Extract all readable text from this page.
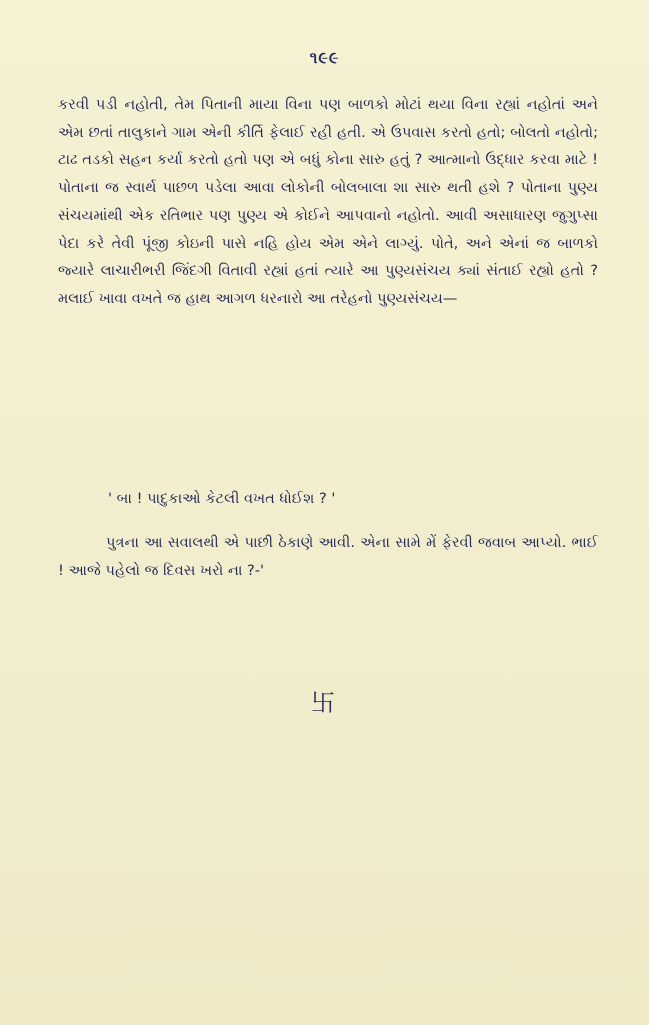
૧૯૯

કરવી પડી નહોતી, તેમ પિતાની માયા વિના પણ બાળકો મોટાં થયા વિના રહ્યાં નહોતાં અને એમ છતાં તાલુકાને ગામ એની કીર્તિ ફેલાઈ રહી હતી. એ ઉપવાસ કરતો હતો; બોલતો નહોતો; ટાઢ તડકો સહન કર્યા કરતો હતો પણ એ બધું કોના સારુ હતું ? આત્માનો ઉદ્ધાર કરવા માટે ! પોતાના જ સ્વાર્થ પાછળ પડેલા આવા લોકોની બોલબાલા શા સારુ થતી હશે ? પોતાના પુણ્ય સંચયમાંથી એક રતિભાર પણ પુણ્ય એ કોઈને આપવાનો નહોતો. આવી અસાધારણ જુગુપ્સા પેદા કરે તેવી પૂંજી કોઇની પાસે નહિ હોય એમ એને લાગ્યું. પોતે, અને એનાં જ બાળકો જ્યારે લાચારીભરી જિંદગી વિતાવી રહ્યાં હતાં ત્યારે આ પુણ્યસંચય ક્યાં સંતાઈ રહ્યો હતો ? મલાઈ ખાવા વખતે જ હાથ આગળ ધરનારો આ તરેહનો પુણ્યસંચય—

' બા ! પાદુકાઓ કેટલી વખત ધોઈશ ? '

પુત્રના આ સવાલથી એ પાછી ઠેકાણે આવી. એના સામે મેં ફેરવી જવાબ આપ્યો. ભાઈ ! આજે પહેલો જ દિવસ ખરો ના ?-'

卐
